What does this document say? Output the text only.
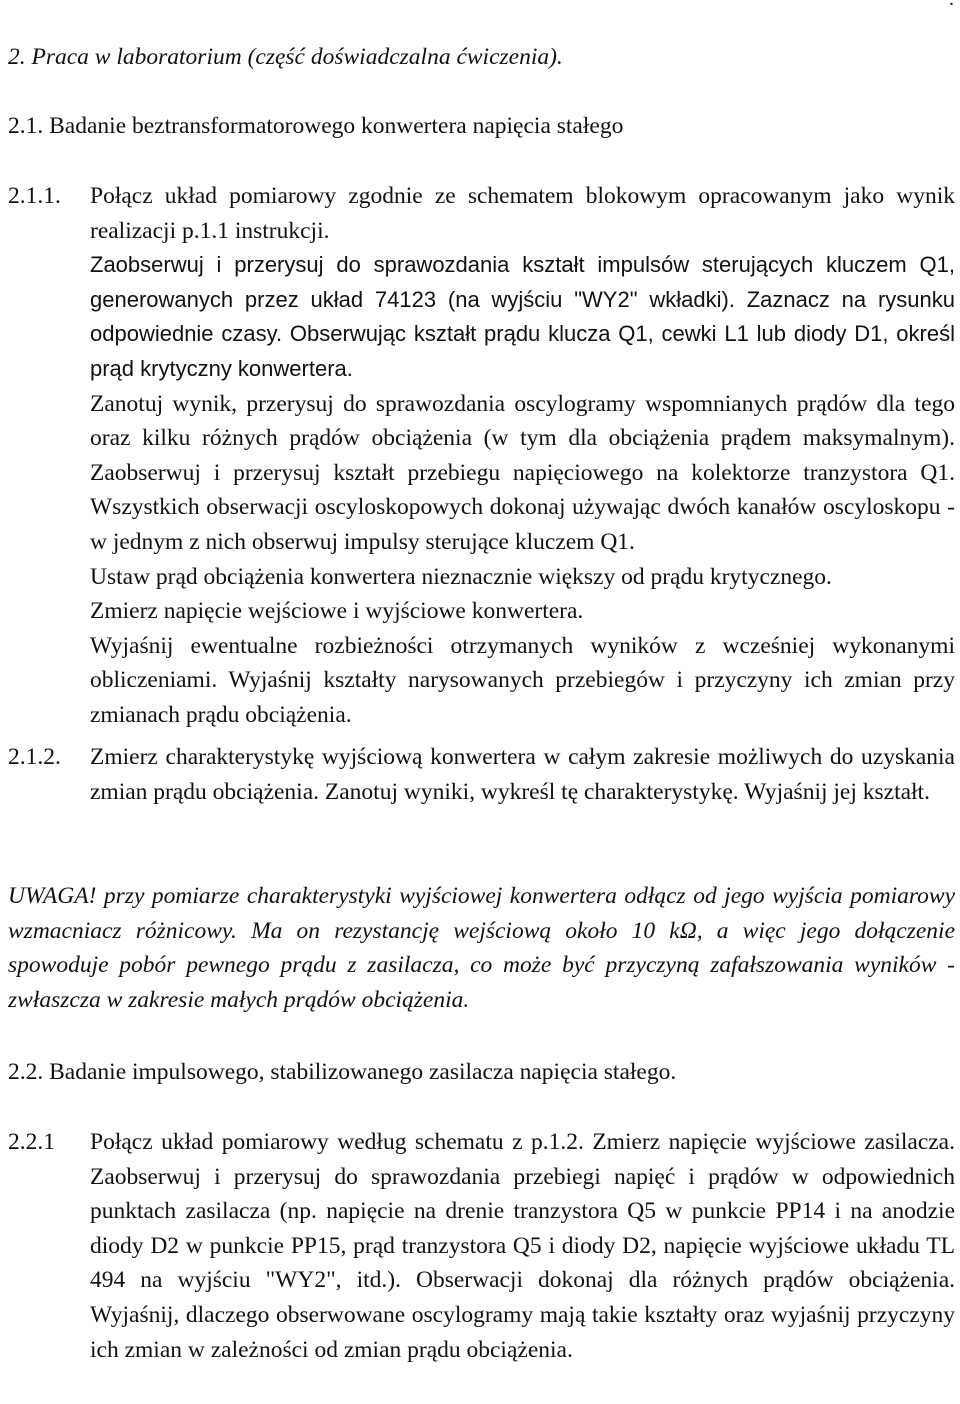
2. Praca w laboratorium (część doświadczalna ćwiczenia).
2.1. Badanie beztransformatorowego konwertera napięcia stałego
2.1.1. Połącz układ pomiarowy zgodnie ze schematem blokowym opracowanym jako wynik realizacji p.1.1 instrukcji.
Zaobserwuj i przerysuj do sprawozdania kształt impulsów sterujących kluczem Q1, generowanych przez układ 74123 (na wyjściu "WY2" wkładki). Zaznacz na rysunku odpowiednie czasy. Obserwując kształt prądu klucza Q1, cewki L1 lub diody D1, określ prąd krytyczny konwertera.
Zanotuj wynik, przerysuj do sprawozdania oscylogramy wspomnianych prądów dla tego oraz kilku różnych prądów obciążenia (w tym dla obciążenia prądem maksymalnym). Zaobserwuj i przerysuj kształt przebiegu napięciowego na kolektorze tranzystora Q1. Wszystkich obserwacji oscyloskopowych dokonaj używając dwóch kanałów oscyloskopu - w jednym z nich obserwuj impulsy sterujące kluczem Q1.
Ustaw prąd obciążenia konwertera nieznacznie większy od prądu krytycznego.
Zmierz napięcie wejściowe i wyjściowe konwertera.
Wyjaśnij ewentualne rozbieżności otrzymanych wyników z wcześniej wykonanymi obliczeniami. Wyjaśnij kształty narysowanych przebiegów i przyczyny ich zmian przy zmianach prądu obciążenia.
2.1.2. Zmierz charakterystykę wyjściową konwertera w całym zakresie możliwych do uzyskania zmian prądu obciążenia. Zanotuj wyniki, wykreśl tę charakterystykę. Wyjaśnij jej kształt.
UWAGA! przy pomiarze charakterystyki wyjściowej konwertera odłącz od jego wyjścia pomiarowy wzmacniacz różnicowy. Ma on rezystancję wejściową około 10 kΩ, a więc jego dołączenie spowoduje pobór pewnego prądu z zasilacza, co może być przyczyną zafałszowania wyników - zwłaszcza w zakresie małych prądów obciążenia.
2.2. Badanie impulsowego, stabilizowanego zasilacza napięcia stałego.
2.2.1 Połącz układ pomiarowy według schematu z p.1.2. Zmierz napięcie wyjściowe zasilacza. Zaobserwuj i przerysuj do sprawozdania przebiegi napięć i prądów w odpowiednich punktach zasilacza (np. napięcie na drenie tranzystora Q5 w punkcie PP14 i na anodzie diody D2 w punkcie PP15, prąd tranzystora Q5 i diody D2, napięcie wyjściowe układu TL 494 na wyjściu "WY2", itd.). Obserwacji dokonaj dla różnych prądów obciążenia. Wyjaśnij, dlaczego obserwowane oscylogramy mają takie kształty oraz wyjaśnij przyczyny ich zmian w zależności od zmian prądu obciążenia.
